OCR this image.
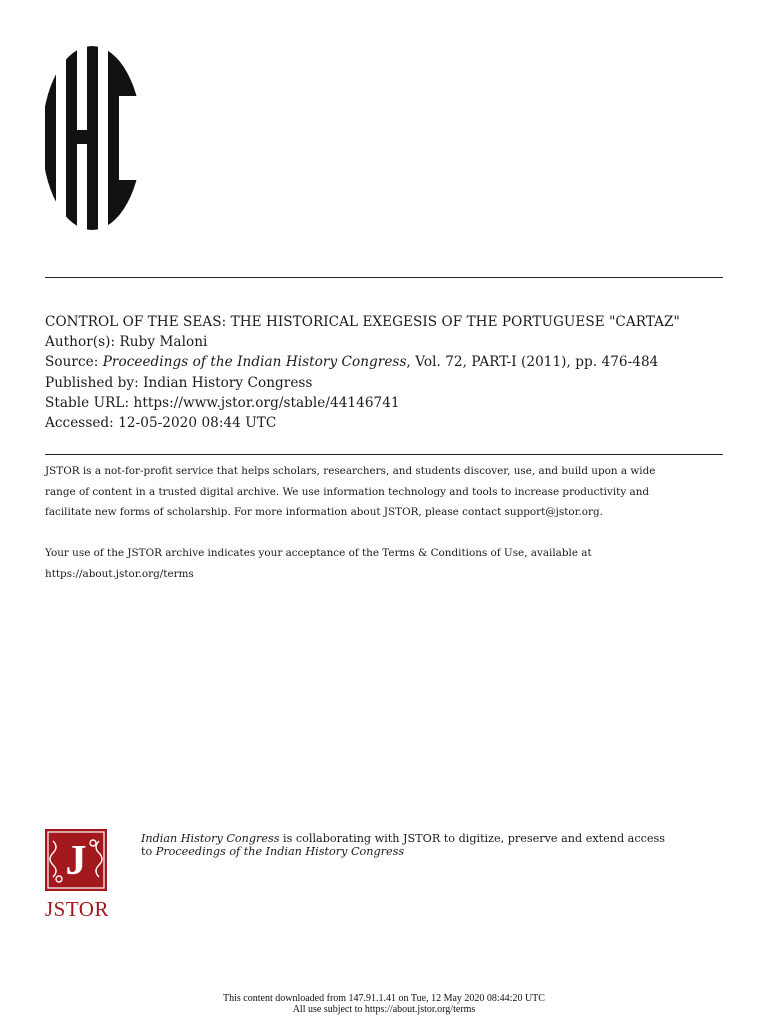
CONTROL OF THE SEAS: THE HISTORICAL EXEGESIS OF THE PORTUGUESE "CARTAZ"
Author(s): Ruby Maloni
Source: Proceedings of the Indian History Congress, Vol. 72, PART-I (2011), pp. 476-484
Published by: Indian History Congress
Stable URL: https://www.jstor.org/stable/44146741
Accessed: 12-05-2020 08:44 UTC
JSTOR is a not-for-profit service that helps scholars, researchers, and students discover, use, and build upon a wide
range of content in a trusted digital archive. We use information technology and tools to increase productivity and
facilitate new forms of scholarship. For more information about JSTOR, please contact support@jstor.org.
Your use of the JSTOR archive indicates your acceptance of the Terms & Conditions of Use, available at
https://about.jstor.org/terms
J
JSTOR
Indian History Congress is collaborating with JSTOR to digitize, preserve and extend access
to Proceedings of the Indian History Congress
This content downloaded from 147.91.1.41 on Tue, 12 May 2020 08:44:20 UTC
All use subject to https://about.jstor.org/terms
